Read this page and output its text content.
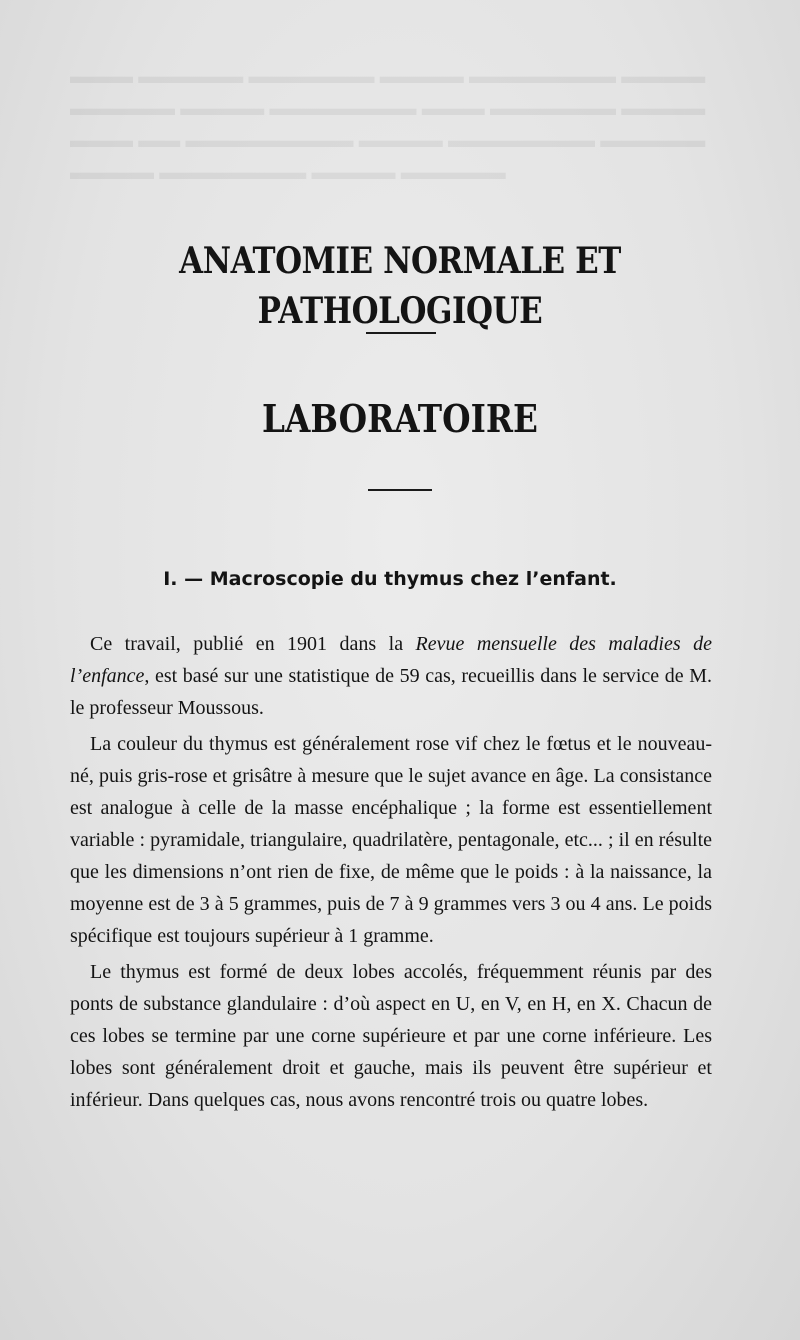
▬▬▬ ▬▬▬▬▬ ▬▬▬▬▬▬ ▬▬▬▬ ▬▬▬▬▬▬▬ ▬▬▬▬
▬▬▬▬▬ ▬▬▬▬ ▬▬▬▬▬▬▬ ▬▬▬ ▬▬▬▬▬▬ ▬▬▬▬
▬▬▬ ▬▬ ▬▬▬▬▬▬▬▬ ▬▬▬▬ ▬▬▬▬▬▬▬ ▬▬▬▬▬
▬▬▬▬ ▬▬▬▬▬▬▬ ▬▬▬▬ ▬▬▬▬▬
ANATOMIE NORMALE ET PATHOLOGIQUE
LABORATOIRE
I. — Macroscopie du thymus chez l’enfant.

Ce travail, publié en 1901 dans la Revue mensuelle des maladies de l’enfance, est basé sur une statistique de 59 cas, recueillis dans le service de M. le professeur Moussous.

La couleur du thymus est généralement rose vif chez le fœtus et le nouveau-né, puis gris-rose et grisâtre à mesure que le sujet avance en âge. La consistance est analogue à celle de la masse encéphalique ; la forme est essentiellement variable : pyramidale, triangulaire, quadrilatère, pentagonale, etc... ; il en résulte que les dimensions n’ont rien de fixe, de même que le poids : à la naissance, la moyenne est de 3 à 5 grammes, puis de 7 à 9 grammes vers 3 ou 4 ans. Le poids spécifique est toujours supérieur à 1 gramme.

Le thymus est formé de deux lobes accolés, fréquemment réunis par des ponts de substance glandulaire : d’où aspect en U, en V, en H, en X. Chacun de ces lobes se termine par une corne supérieure et par une corne inférieure. Les lobes sont généralement droit et gauche, mais ils peuvent être supérieur et inférieur. Dans quelques cas, nous avons rencontré trois ou quatre lobes.
